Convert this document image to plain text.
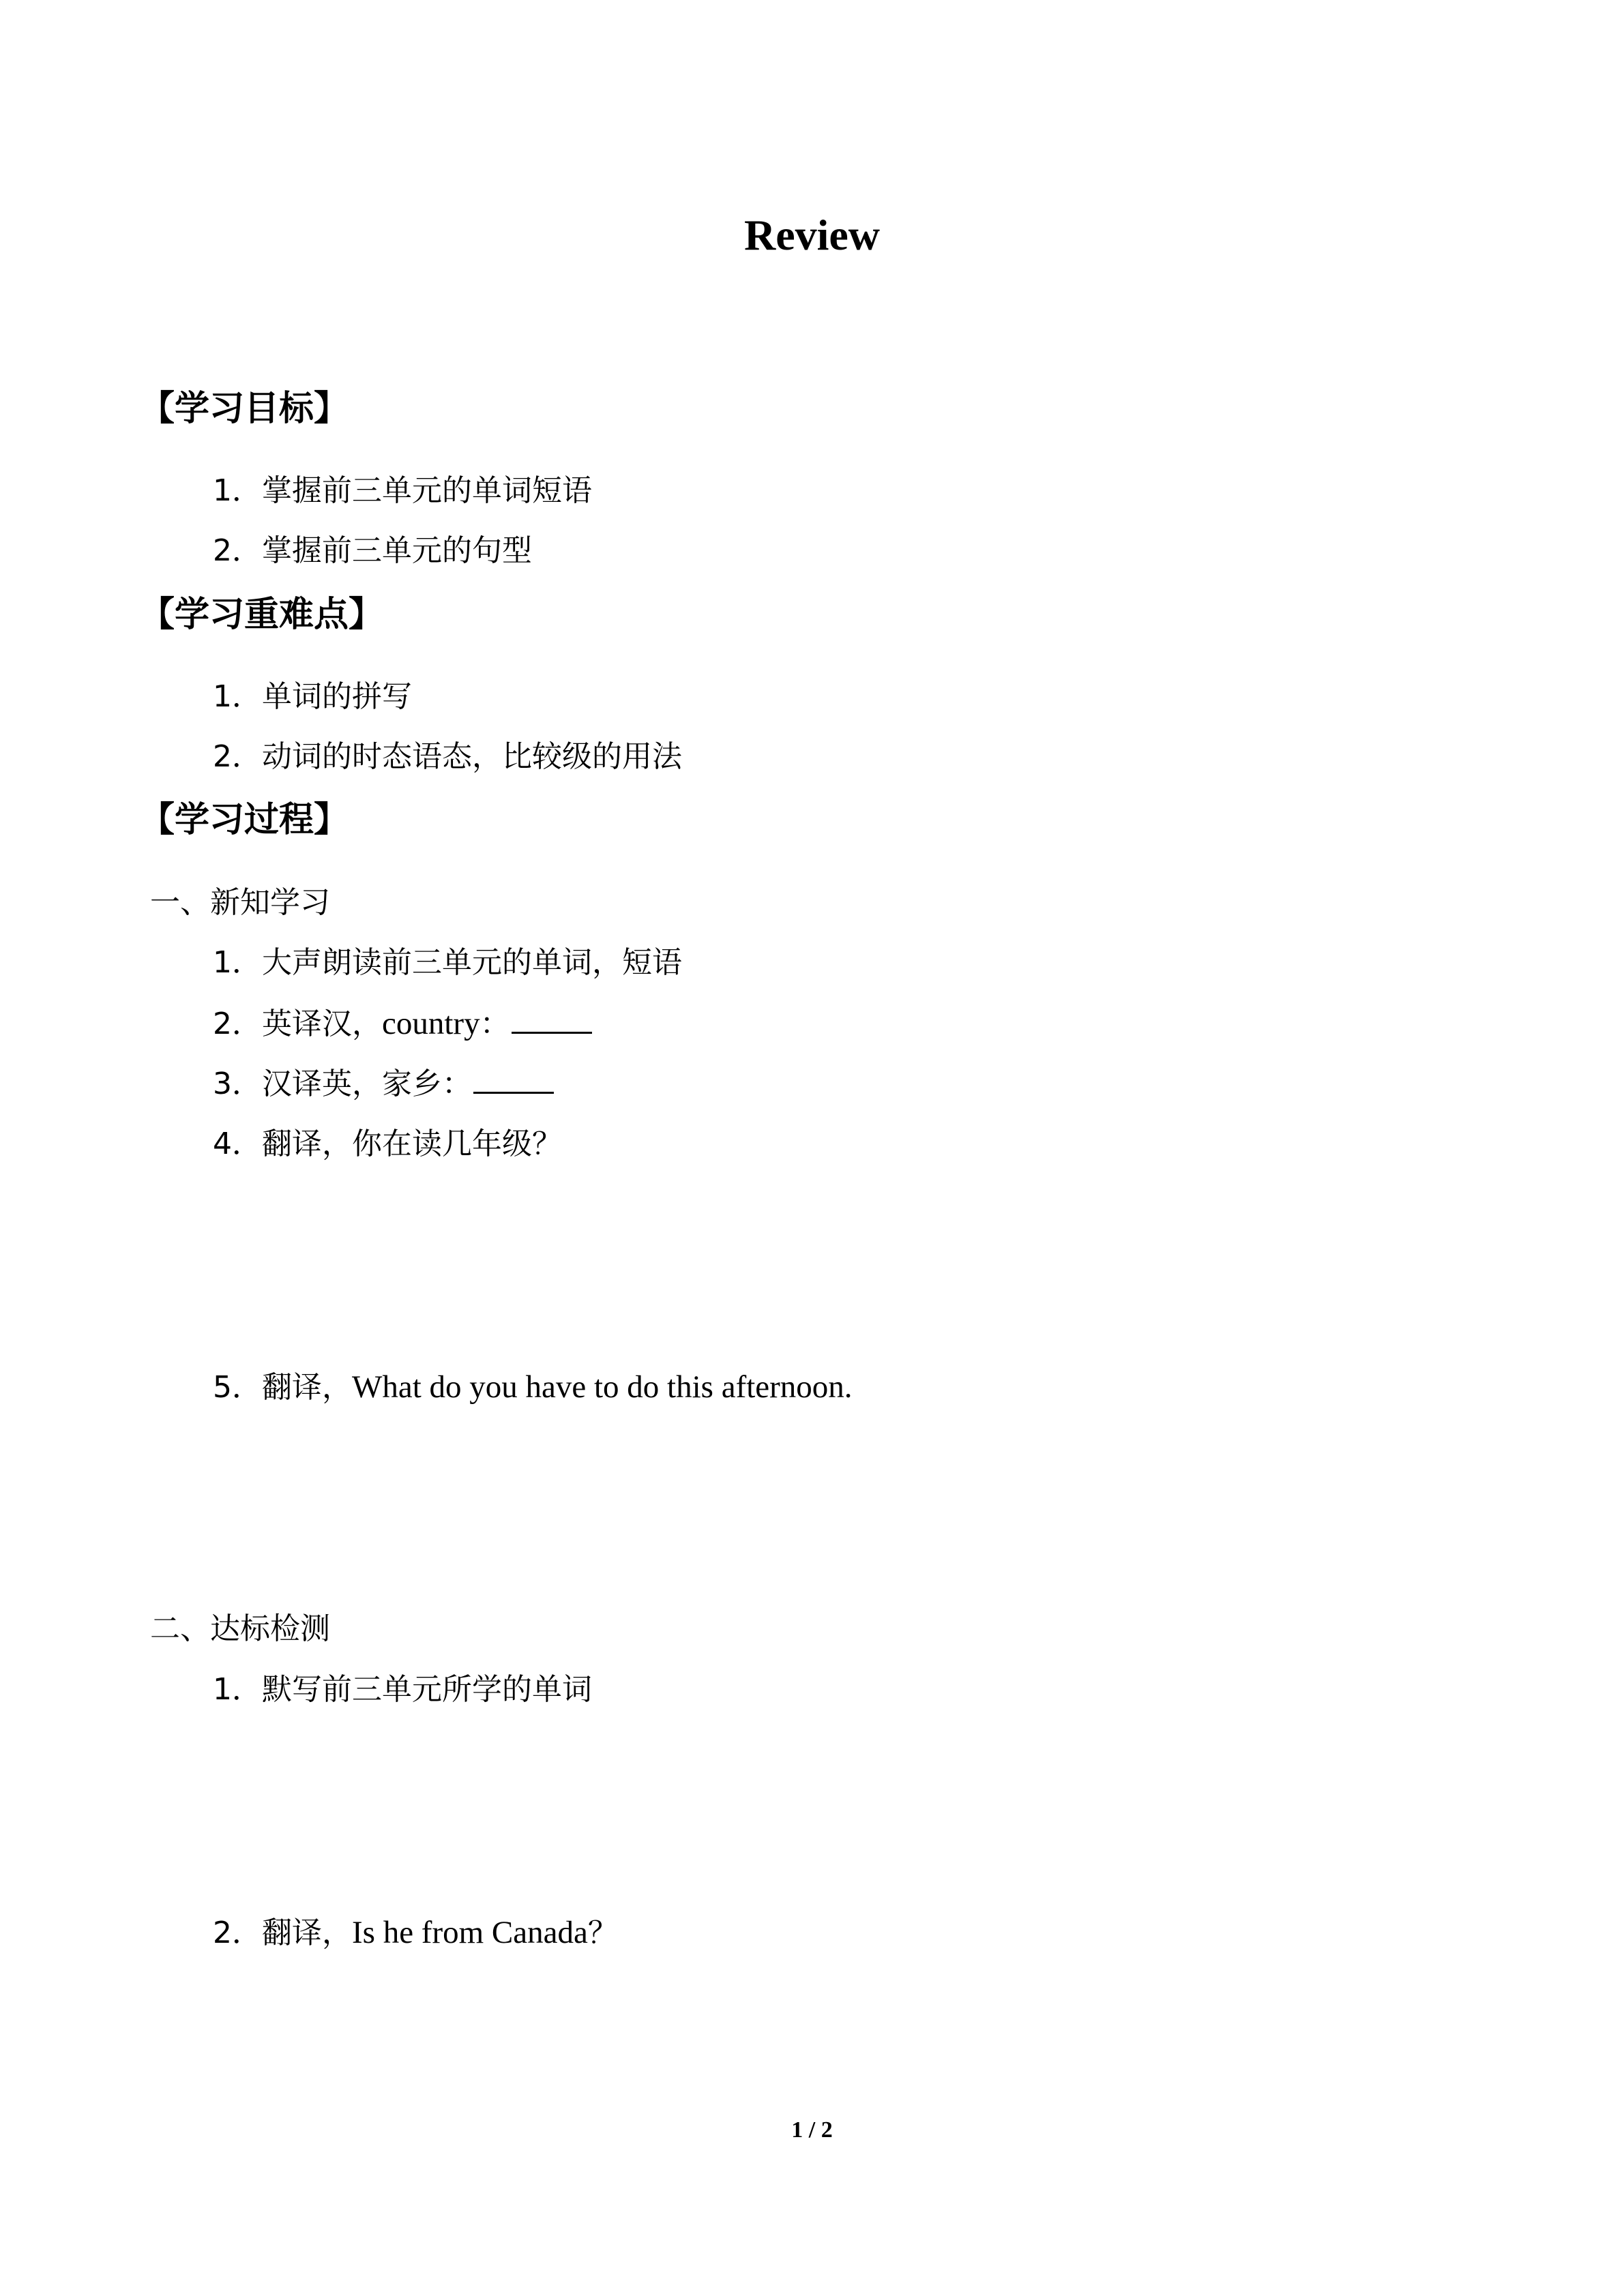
Review
【学习目标】
1．掌握前三单元的单词短语
2．掌握前三单元的句型
【学习重难点】
1．单词的拼写
2．动词的时态语态，比较级的用法
【学习过程】
一、新知学习
1．大声朗读前三单元的单词，短语
2．英译汉，country：
3．汉译英，家乡：
4．翻译，你在读几年级？
5．翻译，What do you have to do this afternoon.
二、达标检测
1．默写前三单元所学的单词
2．翻译，Is he from Canada？
1 / 2
